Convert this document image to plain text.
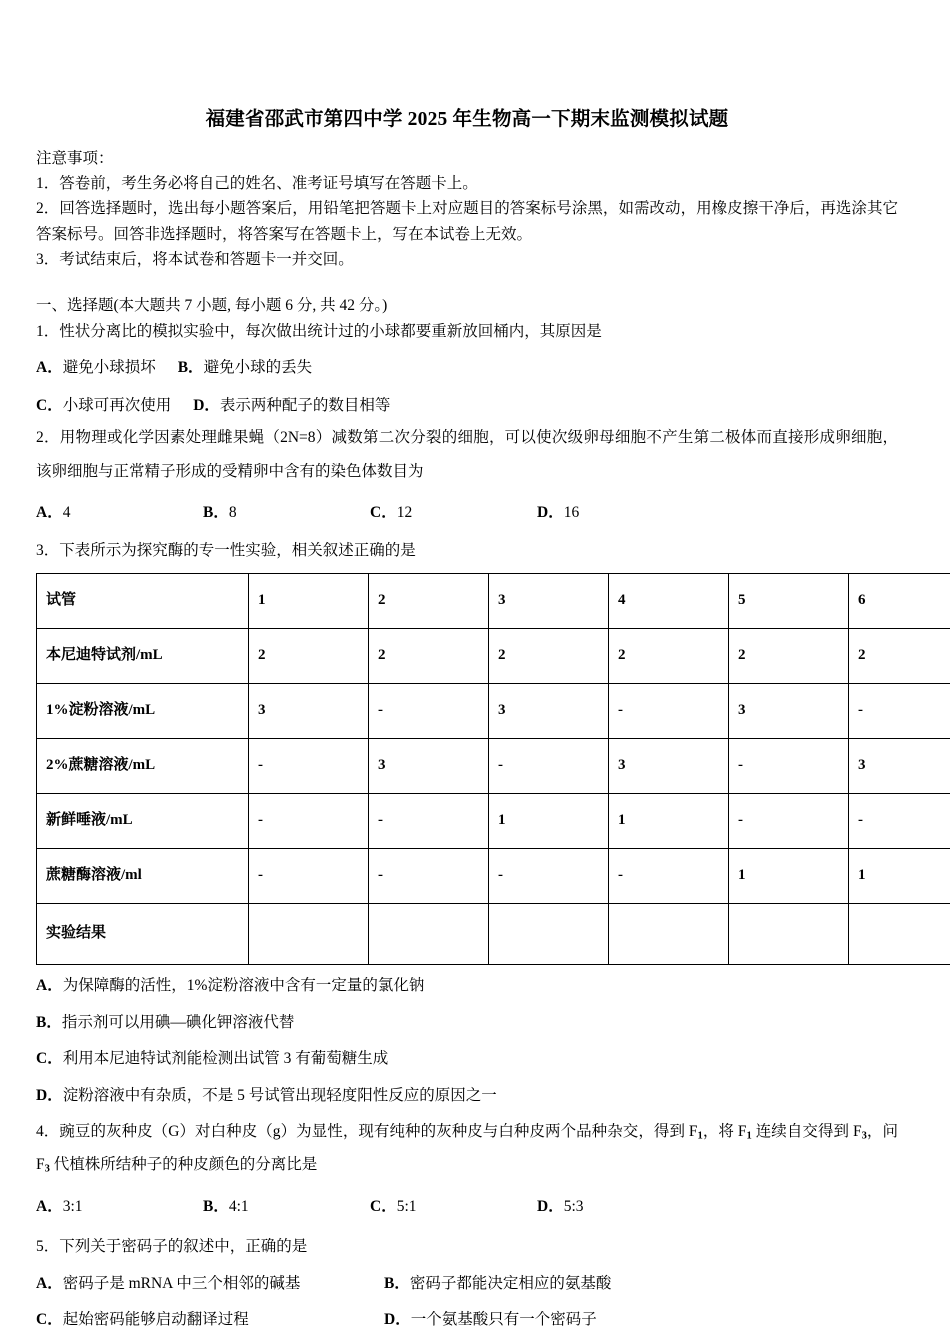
福建省邵武市第四中学 2025 年生物高一下期末监测模拟试题

注意事项：

1．答卷前，考生务必将自己的姓名、准考证号填写在答题卡上。

2．回答选择题时，选出每小题答案后，用铅笔把答题卡上对应题目的答案标号涂黑，如需改动，用橡皮擦干净后，再选涂其它答案标号。回答非选择题时，将答案写在答题卡上，写在本试卷上无效。

3．考试结束后，将本试卷和答题卡一并交回。

一、选择题(本大题共 7 小题, 每小题 6 分, 共 42 分。)

1．性状分离比的模拟实验中，每次做出统计过的小球都要重新放回桶内，其原因是

A．避免小球损坏 B．避免小球的丢失
C．小球可再次使用 D．表示两种配子的数目相等

2．用物理或化学因素处理雌果蝇（2N=8）减数第二次分裂的细胞，可以使次级卵母细胞不产生第二极体而直接形成卵细胞，该卵细胞与正常精子形成的受精卵中含有的染色体数目为

A．4	B．8	C．12	D．16

3．下表所示为探究酶的专一性实验，相关叙述正确的是

试管	1	2	3	4	5	6
本尼迪特试剂/mL	2	2	2	2	2	2
1%淀粉溶液/mL	3	-	3	-	3	-
2%蔗糖溶液/mL	-	3	-	3	-	3
新鲜唾液/mL	-	-	1	1	-	-
蔗糖酶溶液/ml	-	-	-	-	1	1
实验结果						
A．为保障酶的活性，1%淀粉溶液中含有一定量的氯化钠
B．指示剂可以用碘—碘化钾溶液代替
C．利用本尼迪特试剂能检测出试管 3 有葡萄糖生成
D．淀粉溶液中有杂质，不是 5 号试管出现轻度阳性反应的原因之一

4．豌豆的灰种皮（G）对白种皮（g）为显性，现有纯种的灰种皮与白种皮两个品种杂交，得到 $F_1$，将 $F_1$ 连续自交得到 $F_3$，问 $F_3$ 代植株所结种子的种皮颜色的分离比是

A．3:1	B．4:1	C．5:1	D．5:3

5．下列关于密码子的叙述中，正确的是

A．密码子是 mRNA 中三个相邻的碱基	B．密码子都能决定相应的氨基酸
C．起始密码能够启动翻译过程	D．一个氨基酸只有一个密码子
